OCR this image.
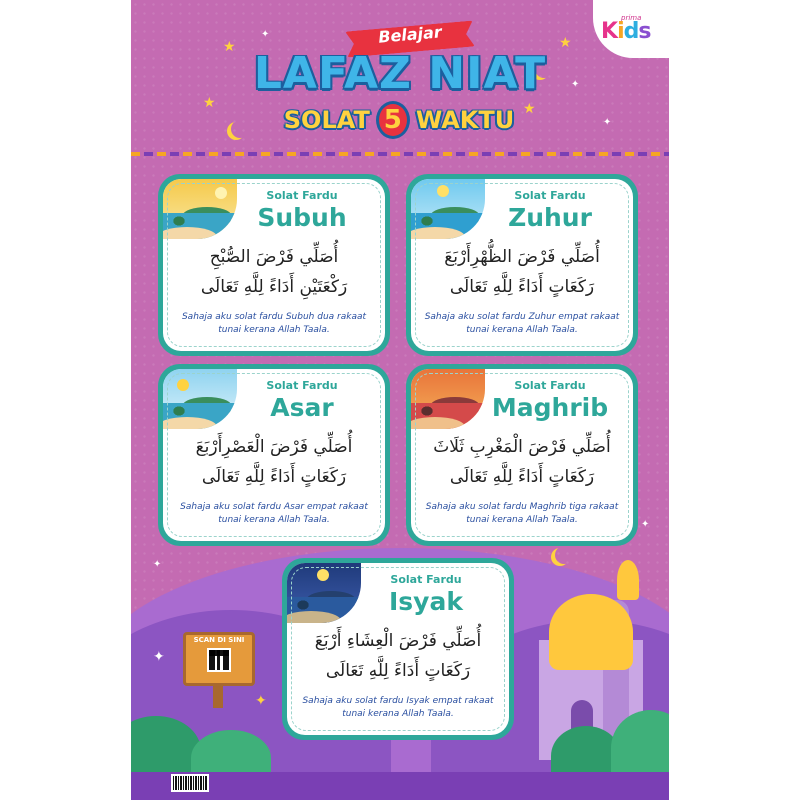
prima
Kids
★	★
★	★
✦
✦
✦
Belajar
LAFAZ NIAT
SOLAT 5 WAKTU
✦
✦
✦
✦
SCAN DI SINI
Solat Fardu
Subuh
أُصَلِّي فَرْضَ الصُّبْحِ
رَكْعَتَيْنِ أَدَاءً لِلَّهِ تَعَالَى
Sahaja aku solat fardu Subuh dua rakaat tunai kerana Allah Taala.
Solat Fardu
Zuhur
أُصَلِّي فَرْضَ الظُّهْرِأَرْبَعَ
رَكَعَاتٍ أَدَاءً لِلَّهِ تَعَالَى
Sahaja aku solat fardu Zuhur empat rakaat tunai kerana Allah Taala.
Solat Fardu
Asar
أُصَلِّي فَرْضَ الْعَصْرِأَرْبَعَ
رَكَعَاتٍ أَدَاءً لِلَّهِ تَعَالَى
Sahaja aku solat fardu Asar empat rakaat tunai kerana Allah Taala.
Solat Fardu
Maghrib
أُصَلِّي فَرْضَ الْمَغْرِبِ ثَلَاثَ
رَكَعَاتٍ أَدَاءً لِلَّهِ تَعَالَى
Sahaja aku solat fardu Maghrib tiga rakaat tunai kerana Allah Taala.
Solat Fardu
Isyak
أُصَلِّي فَرْضَ الْعِشَاءِ أَرْبَعَ
رَكَعَاتٍ أَدَاءً لِلَّهِ تَعَالَى
Sahaja aku solat fardu Isyak empat rakaat tunai kerana Allah Taala.
